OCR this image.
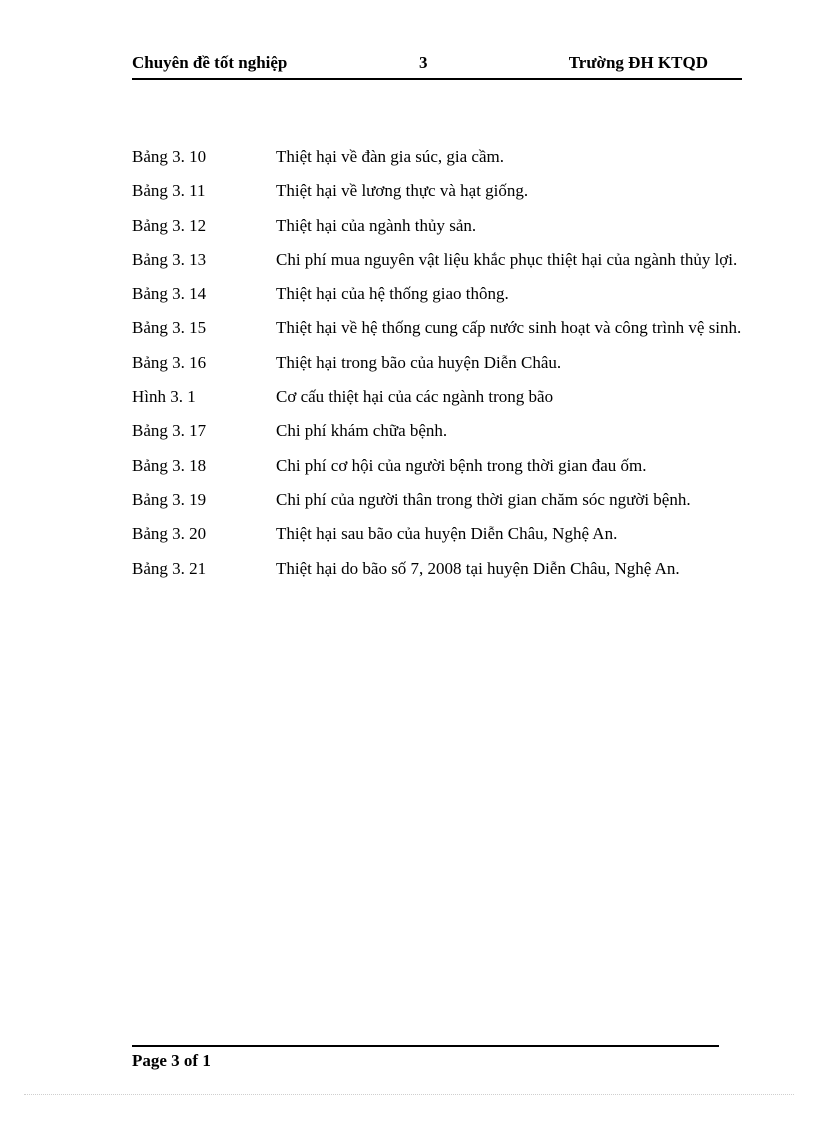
Chuyên đề tốt nghiệp	3	Trường ĐH KTQD
Bảng 3. 10	Thiệt hại về đàn gia súc, gia cầm.
Bảng 3. 11	Thiệt hại về lương thực và hạt giống.
Bảng 3. 12	Thiệt hại của ngành thủy sản.
Bảng 3. 13	Chi phí mua nguyên vật liệu khắc phục thiệt hại của ngành thủy lợi.
Bảng 3. 14	Thiệt hại của hệ thống giao thông.
Bảng 3. 15	Thiệt hại về hệ thống cung cấp nước sinh hoạt và công trình vệ sinh.
Bảng 3. 16	Thiệt hại trong bão của huyện Diễn Châu.
Hình 3. 1	Cơ cấu thiệt hại của các ngành trong bão
Bảng 3. 17	Chi phí khám chữa bệnh.
Bảng 3. 18	Chi phí cơ hội của người bệnh trong thời gian đau ốm.
Bảng 3. 19	Chi phí của người thân trong thời gian chăm sóc người bệnh.
Bảng 3. 20	Thiệt hại sau bão của huyện Diễn Châu, Nghệ An.
Bảng 3. 21	Thiệt hại do bão số 7, 2008 tại huyện Diễn Châu, Nghệ An.
Page 3 of 1
